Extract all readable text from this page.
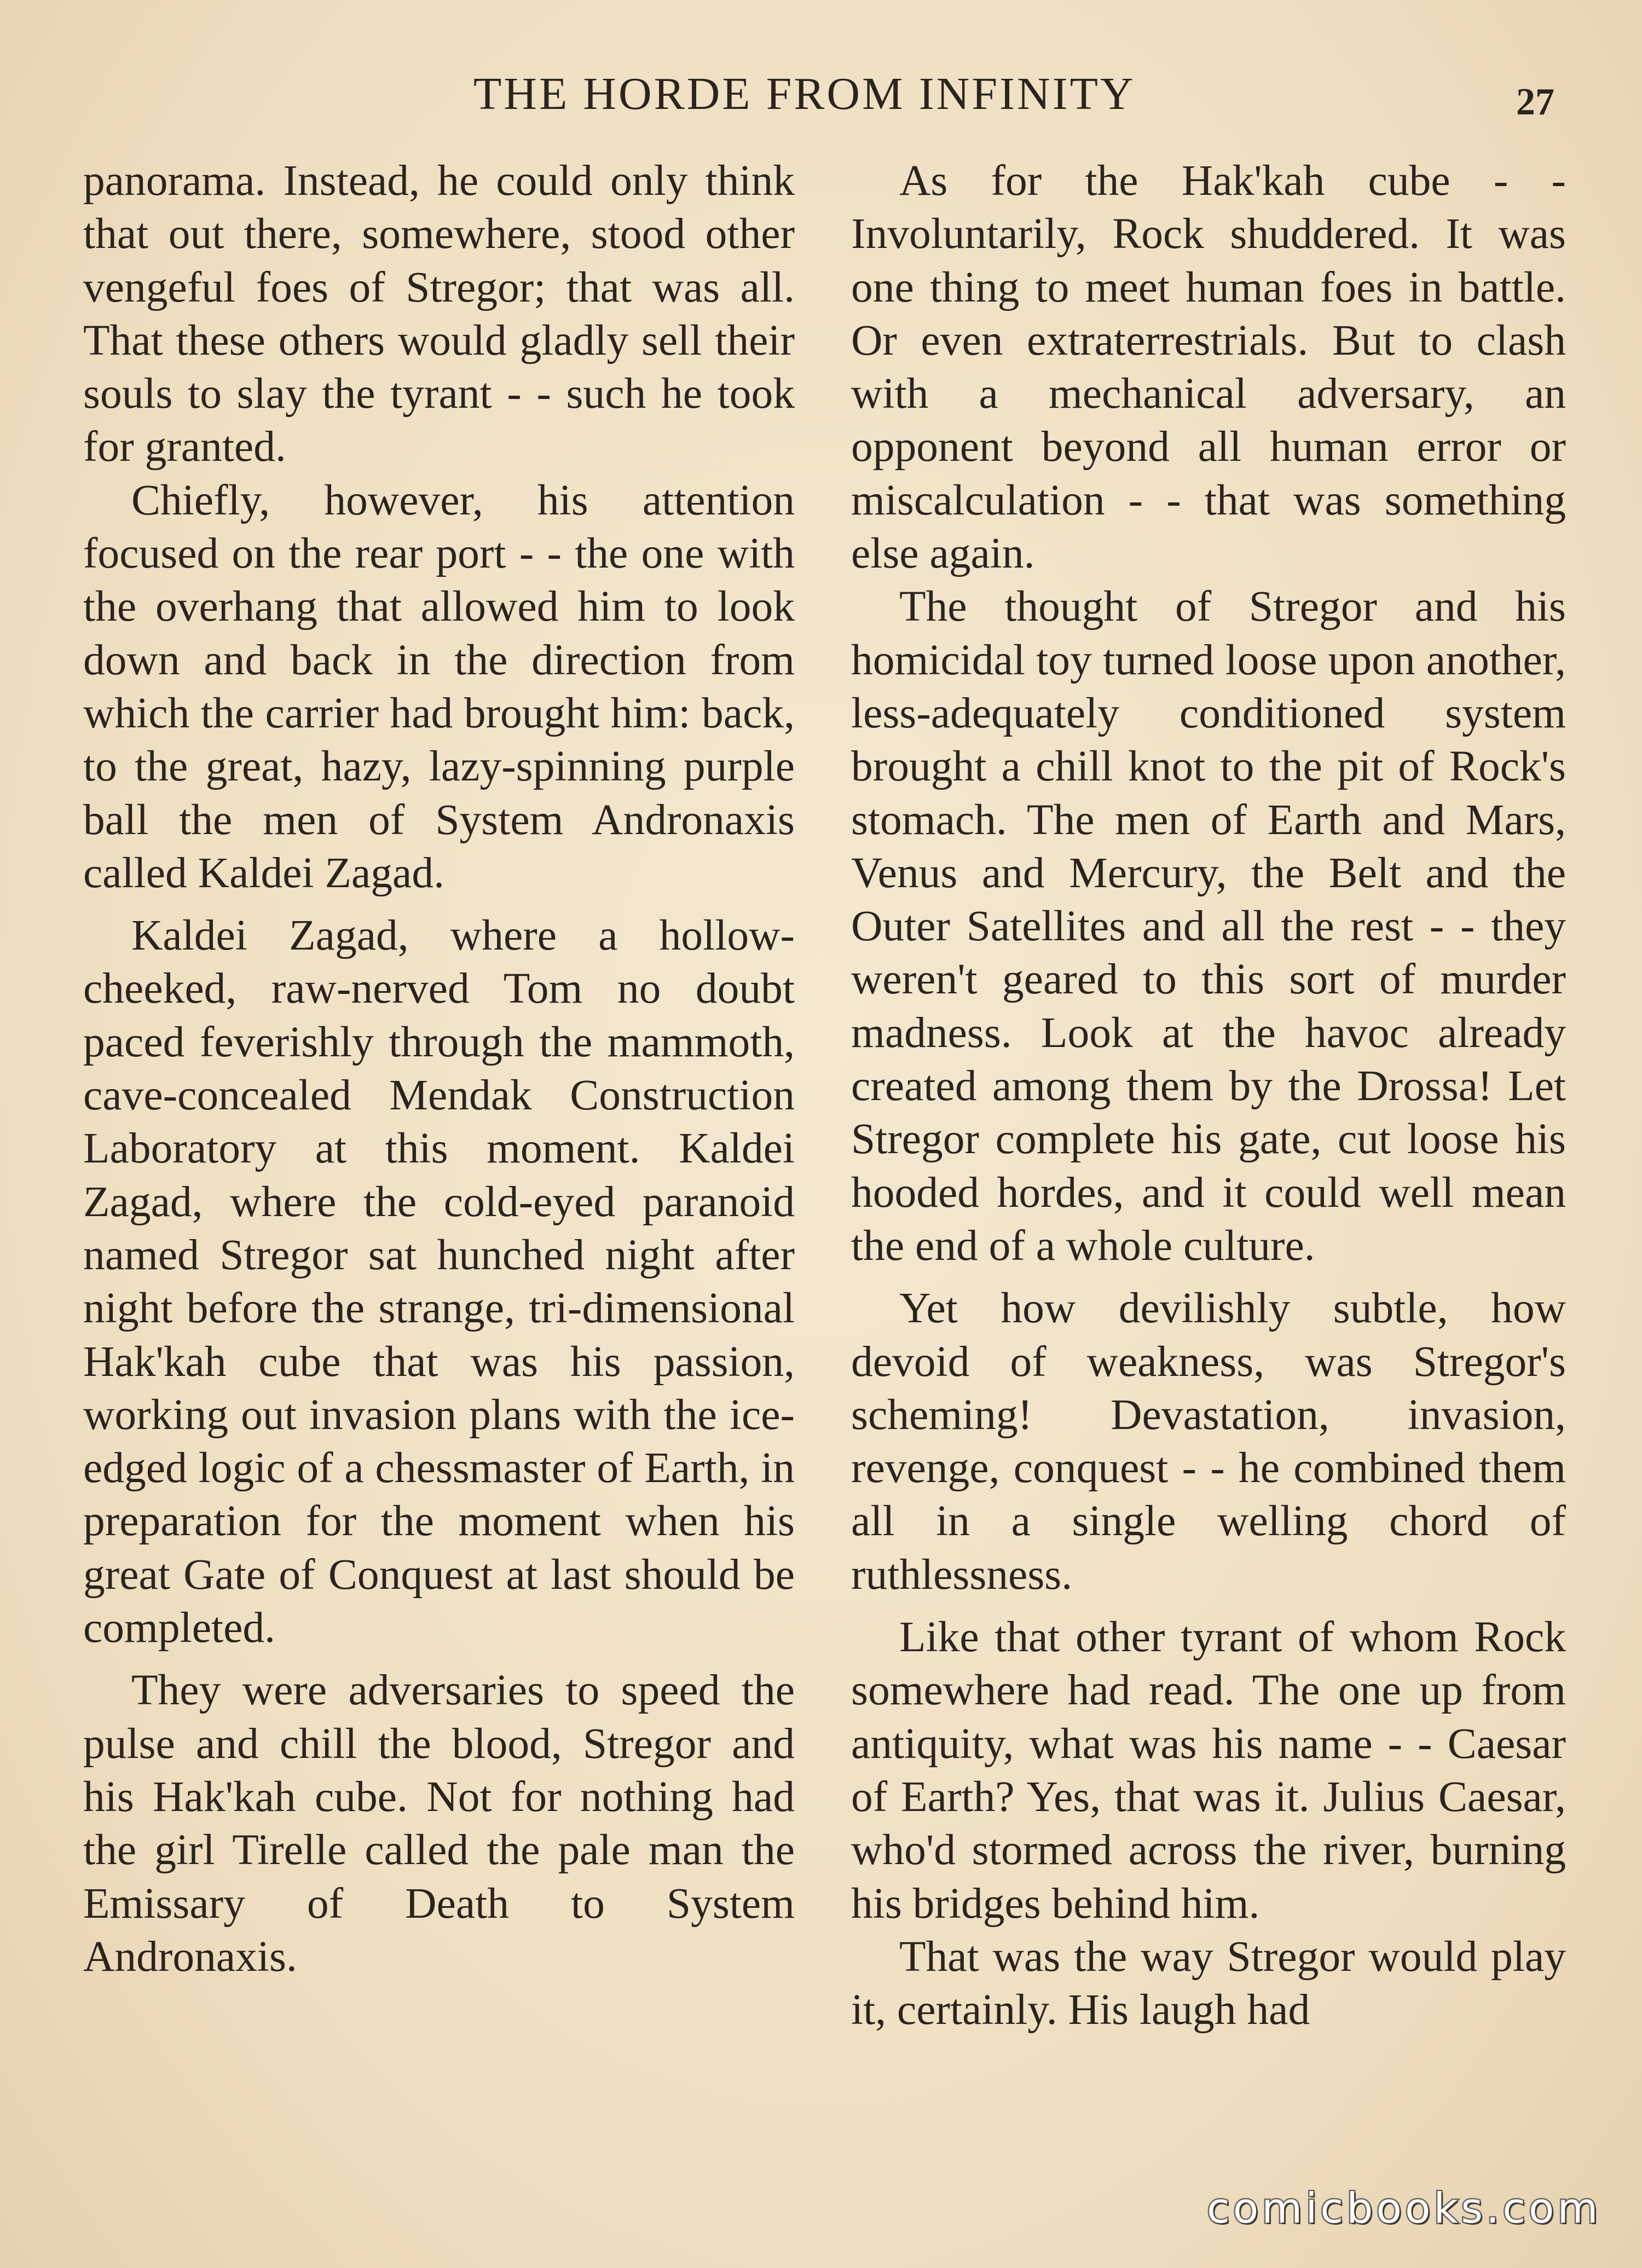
THE HORDE FROM INFINITY	27

panorama. Instead, he could only think that out there, somewhere, stood other vengeful foes of Stregor; that was all. That these others would gladly sell their souls to slay the tyrant - - such he took for granted.

Chiefly, however, his attention focused on the rear port - - the one with the overhang that allowed him to look down and back in the direction from which the carrier had brought him: back, to the great, hazy, lazy-spinning purple ball the men of System Andronaxis called Kaldei Zagad.

Kaldei Zagad, where a hollow-cheeked, raw-nerved Tom no doubt paced feverishly through the mammoth, cave-concealed Mendak Construction Laboratory at this moment. Kaldei Zagad, where the cold-eyed paranoid named Stregor sat hunched night after night before the strange, tri-dimensional Hak'kah cube that was his passion, working out invasion plans with the ice-edged logic of a chessmaster of Earth, in preparation for the moment when his great Gate of Conquest at last should be completed.

They were adversaries to speed the pulse and chill the blood, Stregor and his Hak'kah cube. Not for nothing had the girl Tirelle called the pale man the Emissary of Death to System Andronaxis.

As for the Hak'kah cube - - Involuntarily, Rock shuddered. It was one thing to meet human foes in battle. Or even extraterrestrials. But to clash with a mechanical adversary, an opponent beyond all human error or miscalculation - - that was something else again.

The thought of Stregor and his homicidal toy turned loose upon another, less-adequately conditioned system brought a chill knot to the pit of Rock's stomach. The men of Earth and Mars, Venus and Mercury, the Belt and the Outer Satellites and all the rest - - they weren't geared to this sort of murder madness. Look at the havoc already created among them by the Drossa! Let Stregor complete his gate, cut loose his hooded hordes, and it could well mean the end of a whole culture.

Yet how devilishly subtle, how devoid of weakness, was Stregor's scheming! Devastation, invasion, revenge, conquest - - he combined them all in a single welling chord of ruthlessness.

Like that other tyrant of whom Rock somewhere had read. The one up from antiquity, what was his name - - Caesar of Earth? Yes, that was it. Julius Caesar, who'd stormed across the river, burning his bridges behind him.

That was the way Stregor would play it, certainly. His laugh had

comicbooks.com
